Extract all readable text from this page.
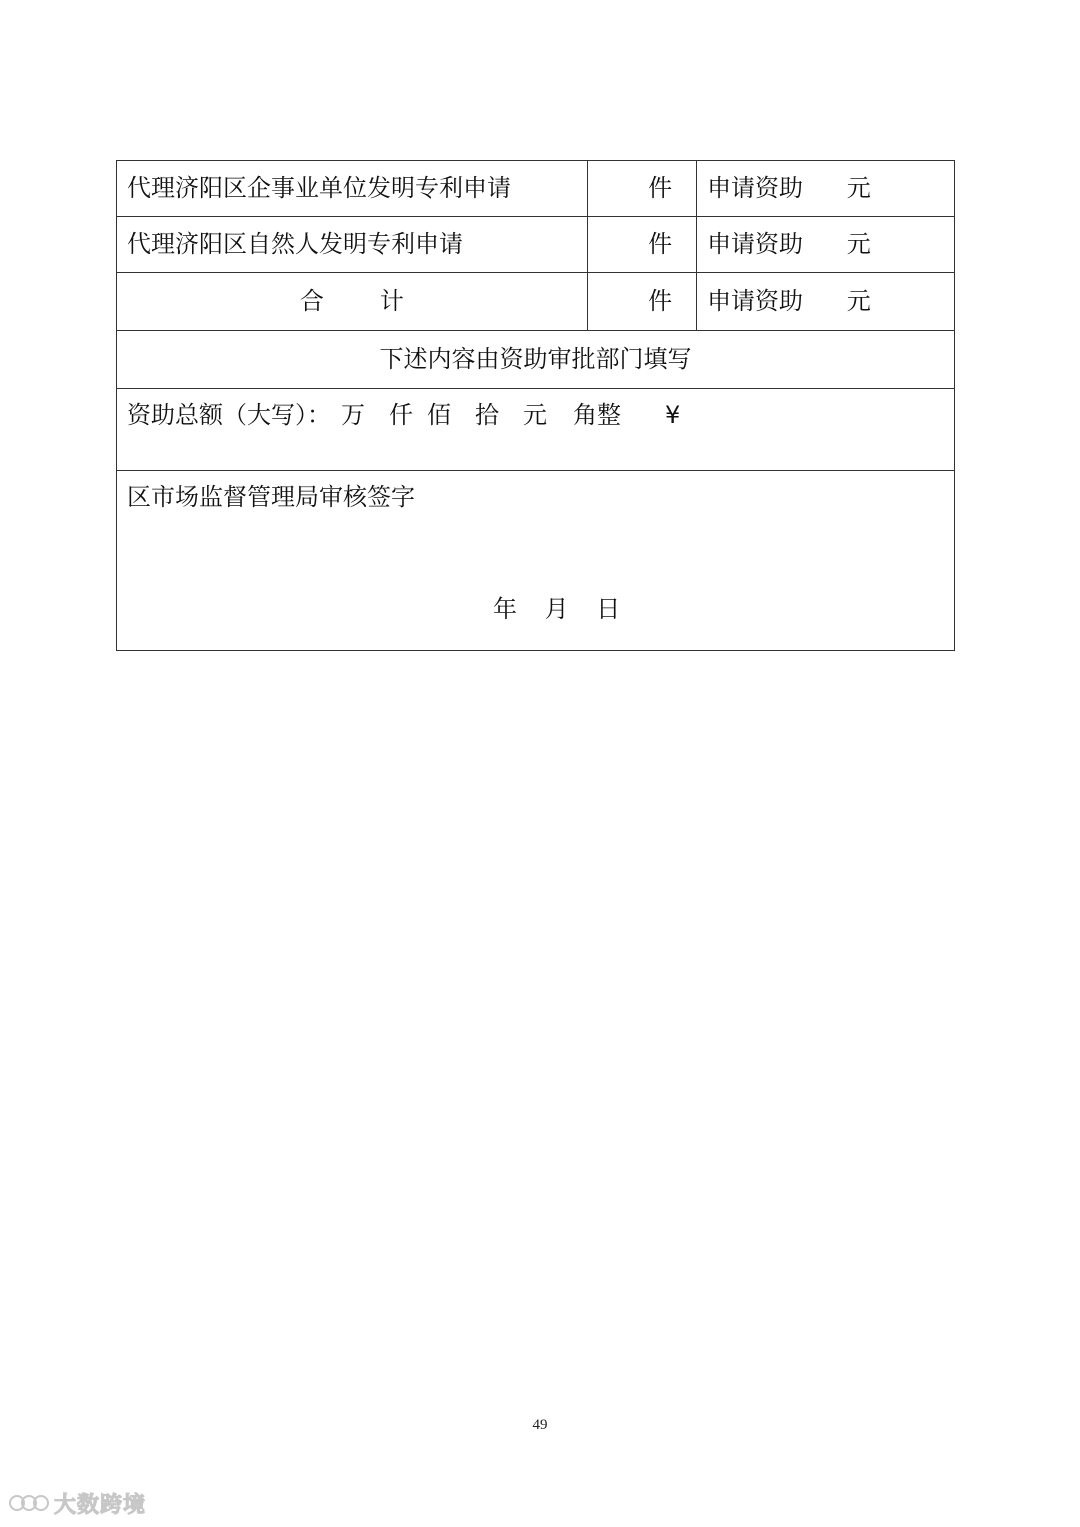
代理济阳区企事业单位发明专利申请	件	申请资助 元
代理济阳区自然人发明专利申请	件	申请资助 元
合 计	件	申请资助 元
下述内容由资助审批部门填写		
资助总额（大写）： 万 仟 佰 拾 元 角整 ¥		
区市场监督管理局审核签字
年 月 日		
49
大数跨境
